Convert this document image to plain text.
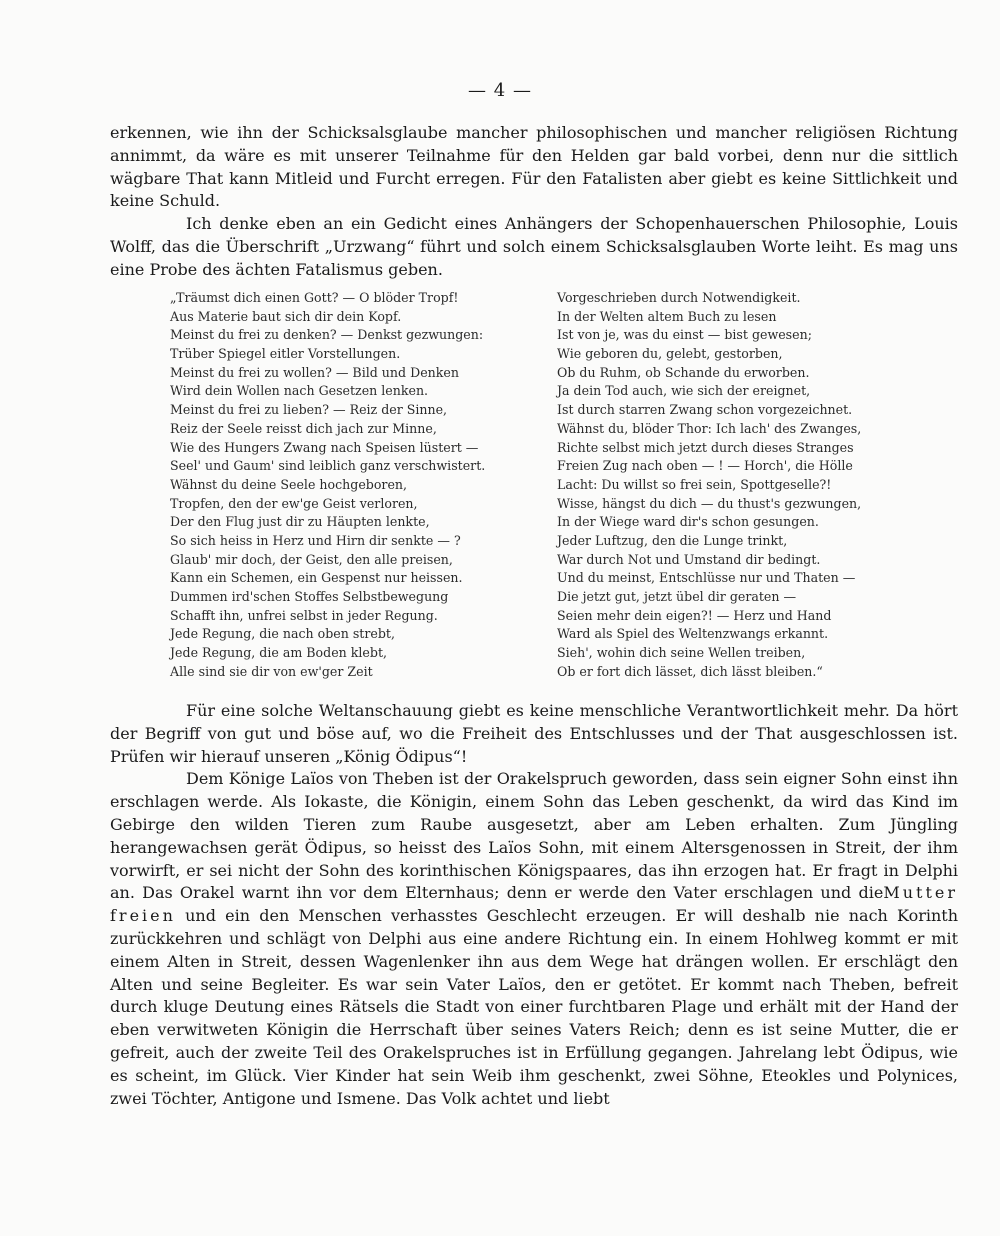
— 4 —

erkennen, wie ihn der Schicksalsglaube mancher philosophischen und mancher religiösen Richtung annimmt, da wäre es mit unserer Teilnahme für den Helden gar bald vorbei, denn nur die sittlich wägbare That kann Mitleid und Furcht erregen. Für den Fatalisten aber giebt es keine Sittlichkeit und keine Schuld.

Ich denke eben an ein Gedicht eines Anhängers der Schopenhauerschen Philosophie, Louis Wolff, das die Überschrift „Urzwang“ führt und solch einem Schicksalsglauben Worte leiht. Es mag uns eine Probe des ächten Fatalismus geben.

„Träumst dich einen Gott? — O blöder Tropf!
Aus Materie baut sich dir dein Kopf.
Meinst du frei zu denken? — Denkst gezwungen:
Trüber Spiegel eitler Vorstellungen.
Meinst du frei zu wollen? — Bild und Denken
Wird dein Wollen nach Gesetzen lenken.
Meinst du frei zu lieben? — Reiz der Sinne,
Reiz der Seele reisst dich jach zur Minne,
Wie des Hungers Zwang nach Speisen lüstert —
Seel' und Gaum' sind leiblich ganz verschwistert.
Wähnst du deine Seele hochgeboren,
Tropfen, den der ew'ge Geist verloren,
Der den Flug just dir zu Häupten lenkte,
So sich heiss in Herz und Hirn dir senkte — ?
Glaub' mir doch, der Geist, den alle preisen,
Kann ein Schemen, ein Gespenst nur heissen.
Dummen ird'schen Stoffes Selbstbewegung
Schafft ihn, unfrei selbst in jeder Regung.
Jede Regung, die nach oben strebt,
Jede Regung, die am Boden klebt,
Alle sind sie dir von ew'ger Zeit
Vorgeschrieben durch Notwendigkeit.
In der Welten altem Buch zu lesen
Ist von je, was du einst — bist gewesen;
Wie geboren du, gelebt, gestorben,
Ob du Ruhm, ob Schande du erworben.
Ja dein Tod auch, wie sich der ereignet,
Ist durch starren Zwang schon vorgezeichnet.
Wähnst du, blöder Thor: Ich lach' des Zwanges,
Richte selbst mich jetzt durch dieses Stranges
Freien Zug nach oben — ! — Horch', die Hölle
Lacht: Du willst so frei sein, Spottgeselle?!
Wisse, hängst du dich — du thust's gezwungen,
In der Wiege ward dir's schon gesungen.
Jeder Luftzug, den die Lunge trinkt,
War durch Not und Umstand dir bedingt.
Und du meinst, Entschlüsse nur und Thaten —
Die jetzt gut, jetzt übel dir geraten —
Seien mehr dein eigen?! — Herz und Hand
Ward als Spiel des Weltenzwangs erkannt.
Sieh', wohin dich seine Wellen treiben,
Ob er fort dich lässet, dich lässt bleiben.“

Für eine solche Weltanschauung giebt es keine menschliche Verantwortlichkeit mehr. Da hört der Begriff von gut und böse auf, wo die Freiheit des Entschlusses und der That ausgeschlossen ist. Prüfen wir hierauf unseren „König Ödipus“!

Dem Könige Laïos von Theben ist der Orakelspruch geworden, dass sein eigner Sohn einst ihn erschlagen werde. Als Iokaste, die Königin, einem Sohn das Leben geschenkt, da wird das Kind im Gebirge den wilden Tieren zum Raube ausgesetzt, aber am Leben erhalten. Zum Jüngling herangewachsen gerät Ödipus, so heisst des Laïos Sohn, mit einem Altersgenossen in Streit, der ihm vorwirft, er sei nicht der Sohn des korinthischen Königspaares, das ihn erzogen hat. Er fragt in Delphi an. Das Orakel warnt ihn vor dem Elternhaus; denn er werde den Vater erschlagen und dieMutter freien und ein den Menschen verhasstes Geschlecht erzeugen. Er will deshalb nie nach Korinth zurückkehren und schlägt von Delphi aus eine andere Richtung ein. In einem Hohlweg kommt er mit einem Alten in Streit, dessen Wagenlenker ihn aus dem Wege hat drängen wollen. Er erschlägt den Alten und seine Begleiter. Es war sein Vater Laïos, den er getötet. Er kommt nach Theben, befreit durch kluge Deutung eines Rätsels die Stadt von einer furchtbaren Plage und erhält mit der Hand der eben verwitweten Königin die Herrschaft über seines Vaters Reich; denn es ist seine Mutter, die er gefreit, auch der zweite Teil des Orakelspruches ist in Erfüllung gegangen. Jahrelang lebt Ödipus, wie es scheint, im Glück. Vier Kinder hat sein Weib ihm geschenkt, zwei Söhne, Eteokles und Polynices, zwei Töchter, Antigone und Ismene. Das Volk achtet und liebt
